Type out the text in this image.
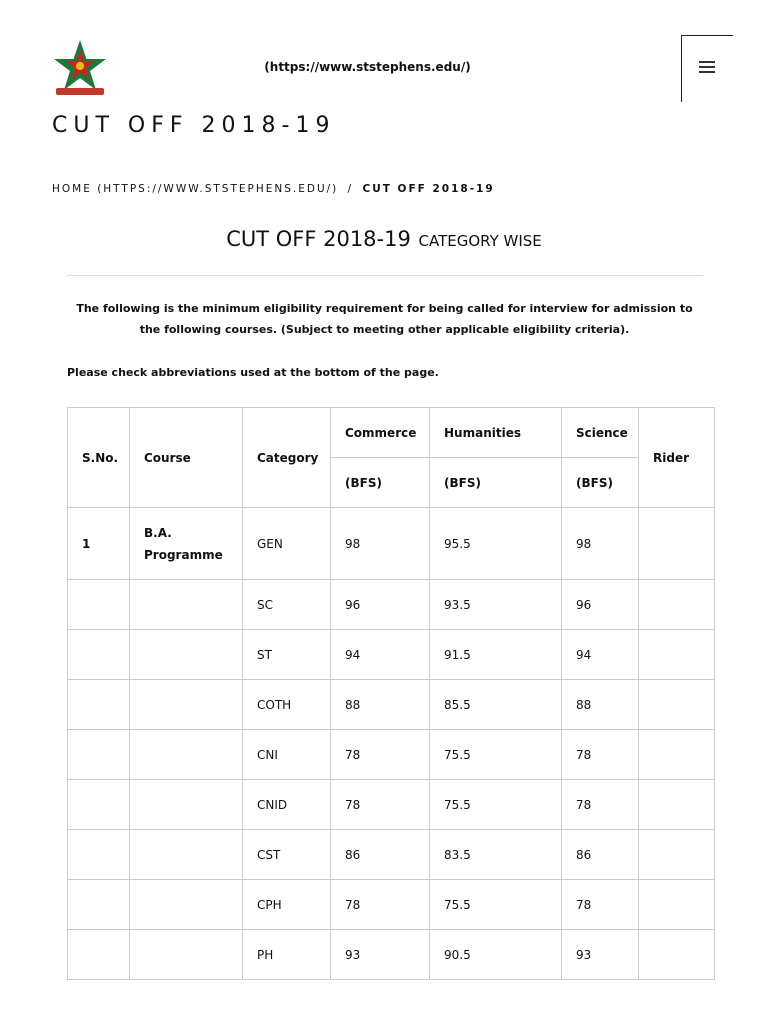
(https://www.ststephens.edu/)
CUT OFF 2018-19
HOME (HTTPS://WWW.STSTEPHENS.EDU/) / CUT OFF 2018-19
CUT OFF 2018-19 CATEGORY WISE
The following is the minimum eligibility requirement for being called for interview for admission to the following courses. (Subject to meeting other applicable eligibility criteria).
Please check abbreviations used at the bottom of the page.
S.No.	Course	Category	Commerce	Humanities	Science	Rider
			(BFS)	(BFS)	(BFS)	
1	B.A. Programme	GEN	98	95.5	98	
		SC	96	93.5	96	
		ST	94	91.5	94	
		COTH	88	85.5	88	
		CNI	78	75.5	78	
		CNID	78	75.5	78	
		CST	86	83.5	86	
		CPH	78	75.5	78	
		PH	93	90.5	93	
